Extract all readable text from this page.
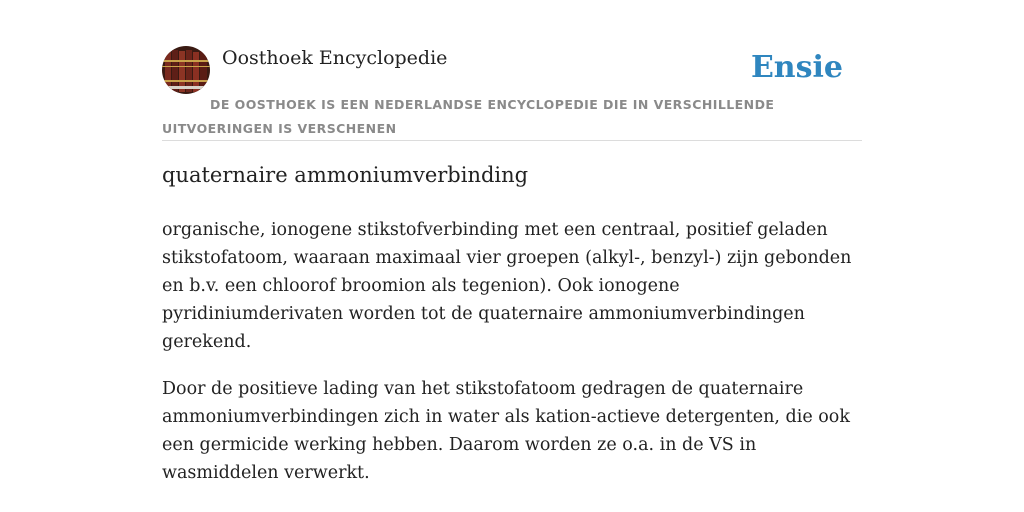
Oosthoek Encyclopedie	Ensie
DE OOSTHOEK IS EEN NEDERLANDSE ENCYCLOPEDIE DIE IN VERSCHILLENDE UITVOERINGEN IS VERSCHENEN
quaternaire ammoniumverbinding

organische, ionogene stikstofverbinding met een centraal, positief geladen stikstofatoom, waaraan maximaal vier groepen (alkyl-, benzyl-) zijn gebonden en b.v. een chloorof broomion als tegenion). Ook ionogene pyridiniumderivaten worden tot de quaternaire ammoniumverbindingen gerekend.

Door de positieve lading van het stikstofatoom gedragen de quaternaire ammoniumverbindingen zich in water als kation-actieve detergenten, die ook een germicide werking hebben. Daarom worden ze o.a. in de VS in wasmiddelen verwerkt.
